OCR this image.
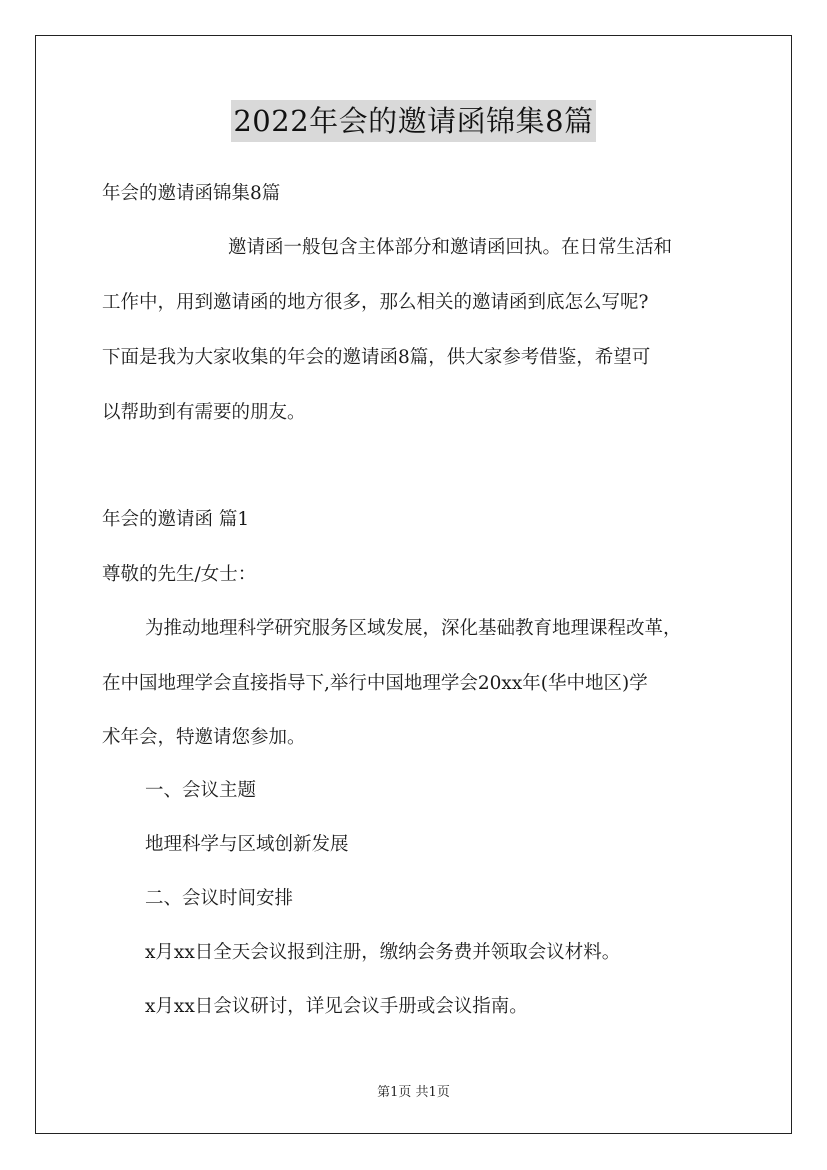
2022年会的邀请函锦集8篇
年会的邀请函锦集8篇
邀请函一般包含主体部分和邀请函回执。在日常生活和
工作中，用到邀请函的地方很多，那么相关的邀请函到底怎么写呢?
下面是我为大家收集的年会的邀请函8篇，供大家参考借鉴，希望可
以帮助到有需要的朋友。
年会的邀请函 篇1
尊敬的先生/女士：
为推动地理科学研究服务区域发展，深化基础教育地理课程改革，
在中国地理学会直接指导下,举行中国地理学会20xx年(华中地区)学
术年会，特邀请您参加。
一、会议主题
地理科学与区域创新发展
二、会议时间安排
x月xx日全天会议报到注册，缴纳会务费并领取会议材料。
x月xx日会议研讨，详见会议手册或会议指南。
第1页 共1页
